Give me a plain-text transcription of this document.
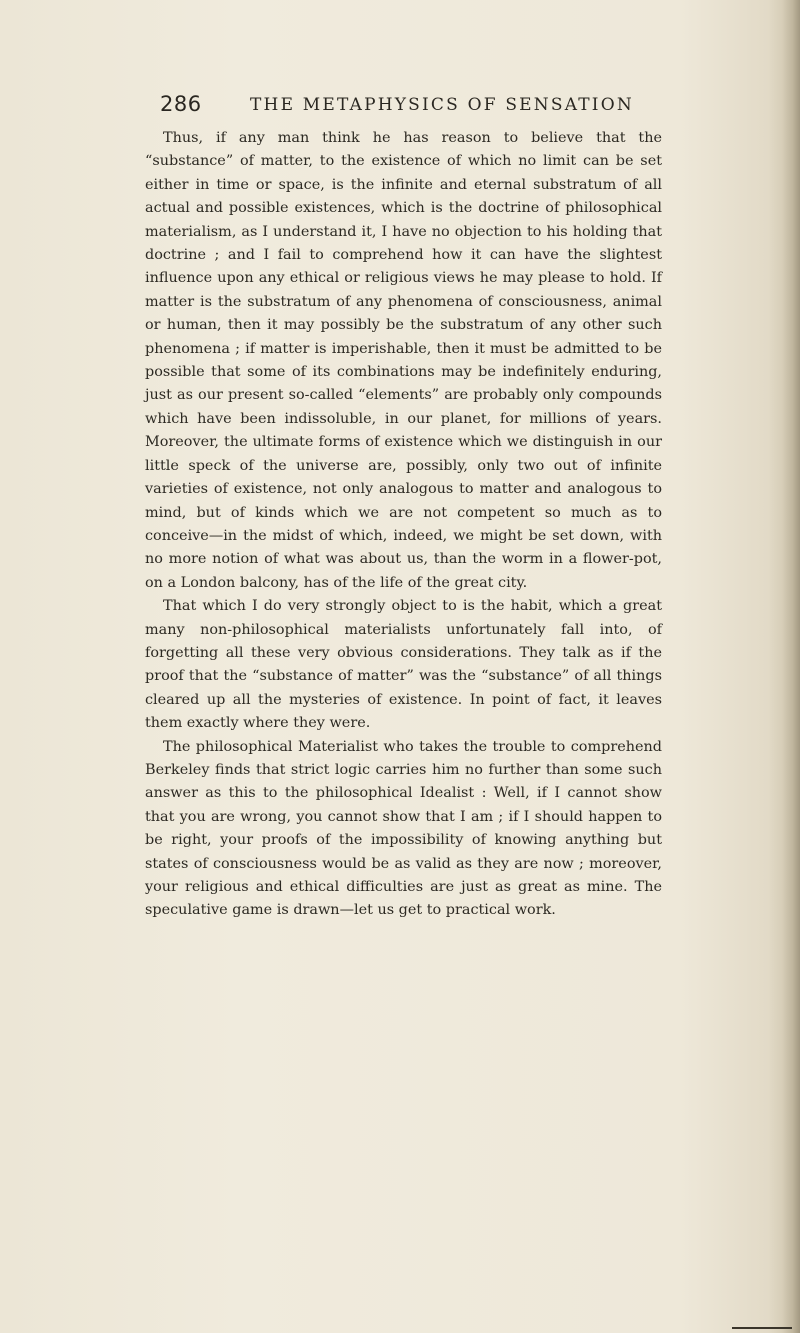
286	THE METAPHYSICS OF SENSATION

Thus, if any man think he has reason to believe that the “substance” of matter, to the existence of which no limit can be set either in time or space, is the infinite and eternal substratum of all actual and possible existences, which is the doctrine of philosophical materialism, as I understand it, I have no objection to his holding that doctrine ; and I fail to comprehend how it can have the slightest influence upon any ethical or religious views he may please to hold. If matter is the substratum of any phenomena of consciousness, animal or human, then it may possibly be the substratum of any other such phenomena ; if matter is imperishable, then it must be admitted to be possible that some of its combinations may be indefinitely enduring, just as our present so-called “elements” are probably only compounds which have been indissoluble, in our planet, for millions of years. Moreover, the ultimate forms of existence which we distinguish in our little speck of the universe are, possibly, only two out of infinite varieties of existence, not only analogous to matter and analogous to mind, but of kinds which we are not competent so much as to conceive—in the midst of which, indeed, we might be set down, with no more notion of what was about us, than the worm in a flower-pot, on a London balcony, has of the life of the great city.

That which I do very strongly object to is the habit, which a great many non-philosophical materialists unfortunately fall into, of forgetting all these very obvious considerations. They talk as if the proof that the “substance of matter” was the “substance” of all things cleared up all the mysteries of existence. In point of fact, it leaves them exactly where they were.

The philosophical Materialist who takes the trouble to comprehend Berkeley finds that strict logic carries him no further than some such answer as this to the philosophical Idealist : Well, if I cannot show that you are wrong, you cannot show that I am ; if I should happen to be right, your proofs of the impossibility of knowing anything but states of consciousness would be as valid as they are now ; moreover, your religious and ethical difficulties are just as great as mine. The speculative game is drawn—let us get to practical work.
